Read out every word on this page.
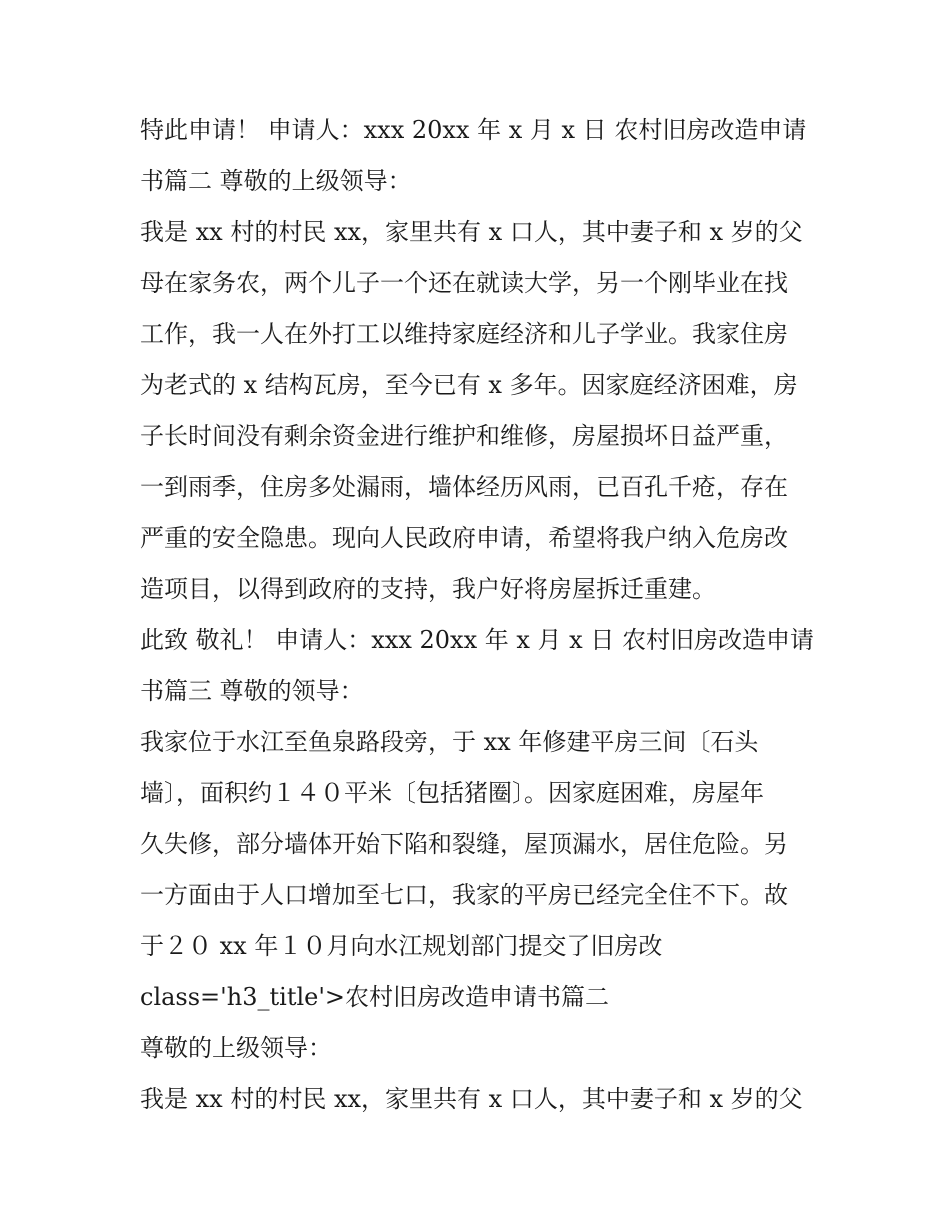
特此申请！ 申请人：xxx 20xx 年 x 月 x 日 农村旧房改造申请

书篇二 尊敬的上级领导：

我是 xx 村的村民 xx，家里共有 x 口人，其中妻子和 x 岁的父

母在家务农，两个儿子一个还在就读大学，另一个刚毕业在找

工作，我一人在外打工以维持家庭经济和儿子学业。我家住房

为老式的 x 结构瓦房，至今已有 x 多年。因家庭经济困难，房

子长时间没有剩余资金进行维护和维修，房屋损坏日益严重，

一到雨季，住房多处漏雨，墙体经历风雨，已百孔千疮，存在

严重的安全隐患。现向人民政府申请，希望将我户纳入危房改

造项目，以得到政府的支持，我户好将房屋拆迁重建。

此致 敬礼！ 申请人：xxx 20xx 年 x 月 x 日 农村旧房改造申请

书篇三 尊敬的领导：

我家位于水江至鱼泉路段旁，于 xx 年修建平房三间〔石头

墙〕，面积约１４０平米〔包括猪圈〕。因家庭困难，房屋年

久失修，部分墙体开始下陷和裂缝，屋顶漏水，居住危险。另

一方面由于人口增加至七口，我家的平房已经完全住不下。故

于２０ xx 年１０月向水江规划部门提交了旧房改

class='h3_title'>农村旧房改造申请书篇二

尊敬的上级领导：

我是 xx 村的村民 xx，家里共有 x 口人，其中妻子和 x 岁的父
